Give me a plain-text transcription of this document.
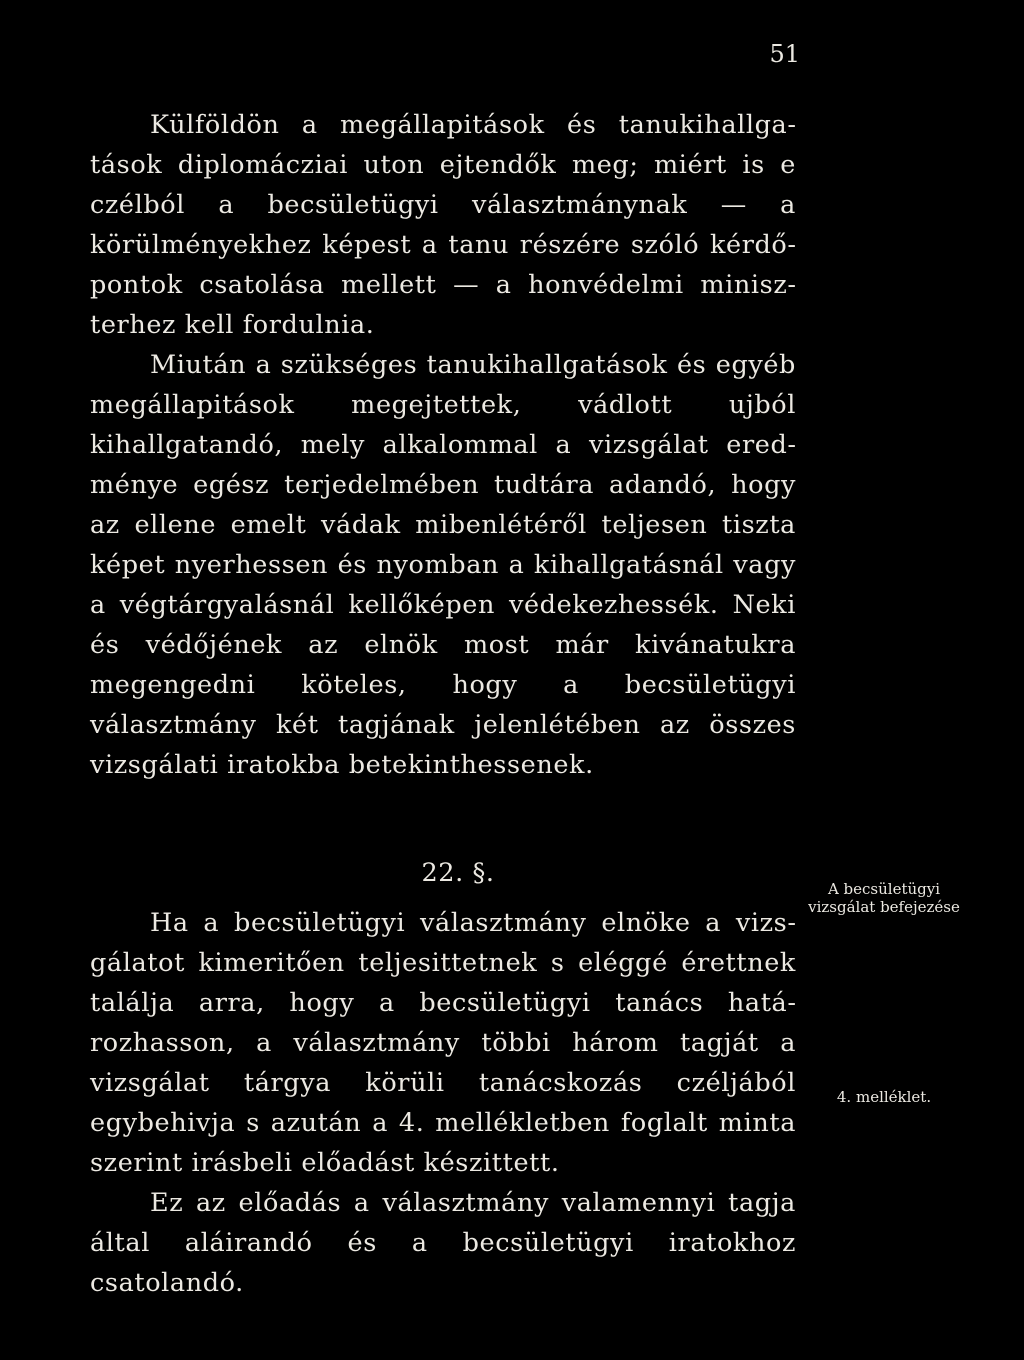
51

Külföldön a megállapitások és tanukihallgatások diplomácziai uton ejtendők meg; miért is e czélból a becsületügyi választmánynak — a körülményekhez képest a tanu részére szóló kérdőpontok csatolása mellett — a honvédelmi miniszterhez kell fordulnia.

Miután a szükséges tanukihallgatások és egyéb megállapitások megejtettek, vádlott ujból kihallgatandó, mely alkalommal a vizsgálat eredménye egész terjedelmében tudtára adandó, hogy az ellene emelt vádak mibenlétéről teljesen tiszta képet nyerhessen és nyomban a kihallgatásnál vagy a végtárgyalásnál kellőképen védekezhessék. Neki és védőjének az elnök most már kivánatukra megengedni köteles, hogy a becsületügyi választmány két tagjának jelenlétében az összes vizsgálati iratokba betekinthessenek.

22. §.

Ha a becsületügyi választmány elnöke a vizsgálatot kimeritően teljesittetnek s eléggé érettnek találja arra, hogy a becsületügyi tanács határozhasson, a választmány többi három tagját a vizsgálat tárgya körüli tanácskozás czéljából egybehivja s azután a 4. mellékletben foglalt minta szerint irásbeli előadást készittett.

Ez az előadás a választmány valamennyi tagja által aláirandó és a becsületügyi iratokhoz csatolandó.

A becsületügyi vizsgálat befejezése
4. melléklet.
